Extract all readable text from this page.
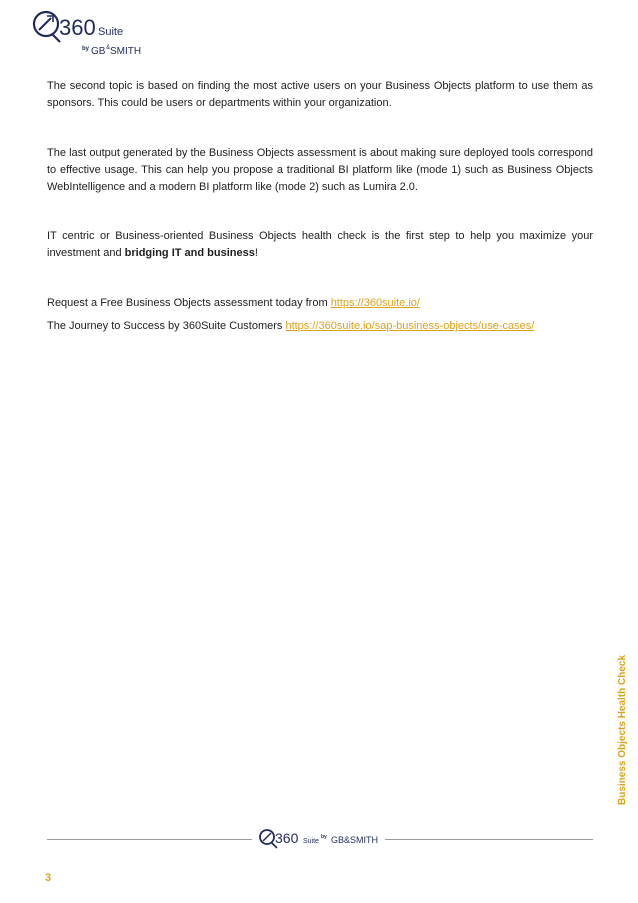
360 Suite
by GB & SMITH

The second topic is based on finding the most active users on your Business Objects platform to use them as sponsors. This could be users or departments within your organization.

The last output generated by the Business Objects assessment is about making sure deployed tools correspond to effective usage. This can help you propose a traditional BI platform like (mode 1) such as Business Objects WebIntelligence and a modern BI platform like (mode 2) such as Lumira 2.0.

IT centric or Business-oriented Business Objects health check is the first step to help you maximize your investment and bridging IT and business!

Request a Free Business Objects assessment today from https://360suite.io/

The Journey to Success by 360Suite Customers https://360suite.io/sap-business-objects/use-cases/

Business Objects Health Check
360 Suite
by GB&SMITH
3
